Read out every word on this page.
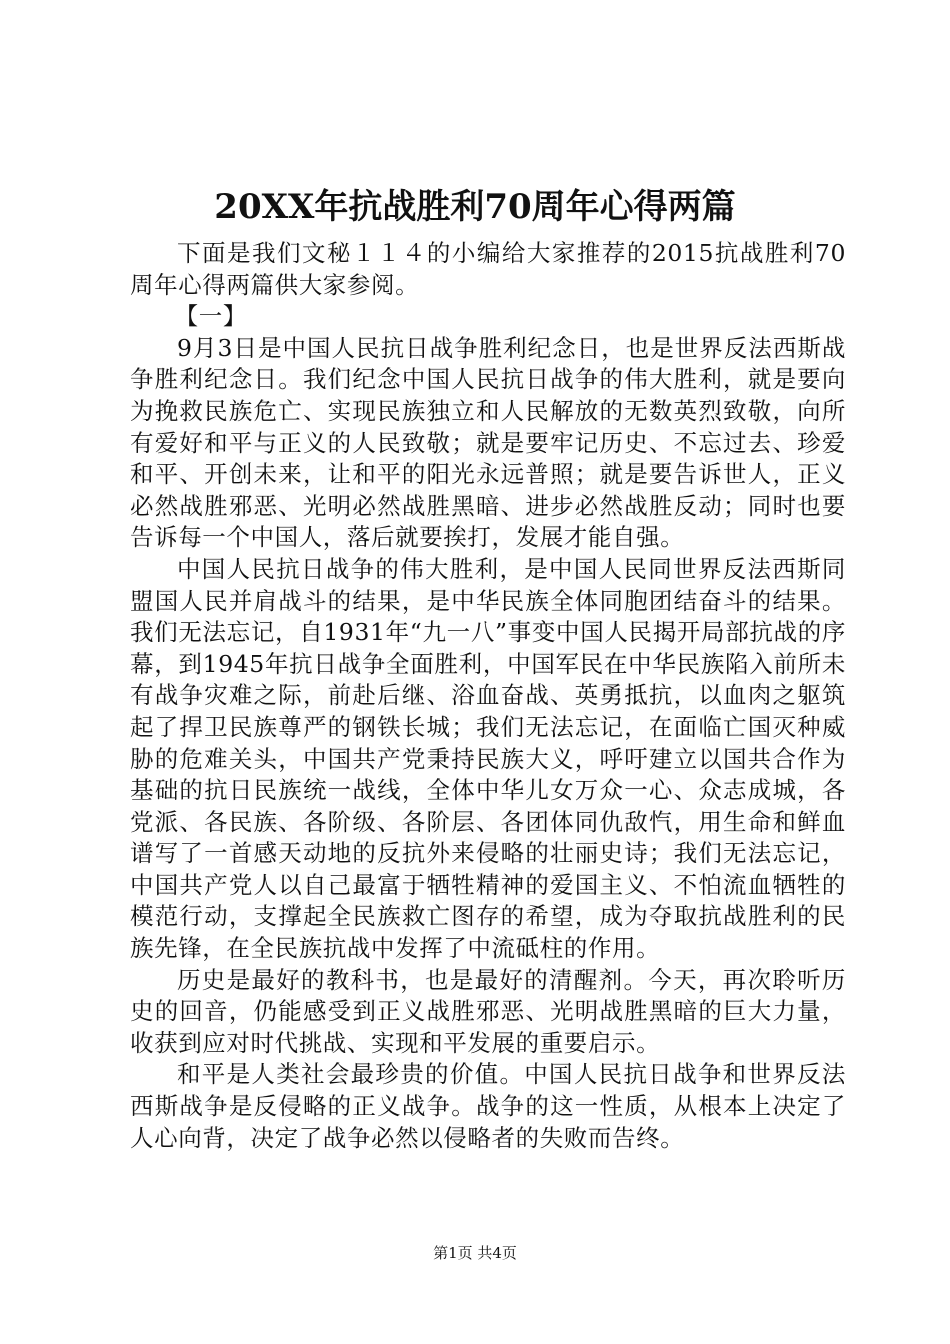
20XX年抗战胜利70周年心得两篇

下面是我们文秘１１４的小编给大家推荐的2015抗战胜利70周年心得两篇供大家参阅。

【一】

9月3日是中国人民抗日战争胜利纪念日，也是世界反法西斯战争胜利纪念日。我们纪念中国人民抗日战争的伟大胜利，就是要向为挽救民族危亡、实现民族独立和人民解放的无数英烈致敬，向所有爱好和平与正义的人民致敬；就是要牢记历史、不忘过去、珍爱和平、开创未来，让和平的阳光永远普照；就是要告诉世人，正义必然战胜邪恶、光明必然战胜黑暗、进步必然战胜反动；同时也要告诉每一个中国人，落后就要挨打，发展才能自强。

中国人民抗日战争的伟大胜利，是中国人民同世界反法西斯同盟国人民并肩战斗的结果，是中华民族全体同胞团结奋斗的结果。我们无法忘记，自1931年“九一八”事变中国人民揭开局部抗战的序幕，到1945年抗日战争全面胜利，中国军民在中华民族陷入前所未有战争灾难之际，前赴后继、浴血奋战、英勇抵抗，以血肉之躯筑起了捍卫民族尊严的钢铁长城；我们无法忘记，在面临亡国灭种威胁的危难关头，中国共产党秉持民族大义，呼吁建立以国共合作为基础的抗日民族统一战线，全体中华儿女万众一心、众志成城，各党派、各民族、各阶级、各阶层、各团体同仇敌忾，用生命和鲜血谱写了一首感天动地的反抗外来侵略的壮丽史诗；我们无法忘记，中国共产党人以自己最富于牺牲精神的爱国主义、不怕流血牺牲的模范行动，支撑起全民族救亡图存的希望，成为夺取抗战胜利的民族先锋，在全民族抗战中发挥了中流砥柱的作用。

历史是最好的教科书，也是最好的清醒剂。今天，再次聆听历史的回音，仍能感受到正义战胜邪恶、光明战胜黑暗的巨大力量，收获到应对时代挑战、实现和平发展的重要启示。

和平是人类社会最珍贵的价值。中国人民抗日战争和世界反法西斯战争是反侵略的正义战争。战争的这一性质，从根本上决定了人心向背，决定了战争必然以侵略者的失败而告终。

第1页 共4页
